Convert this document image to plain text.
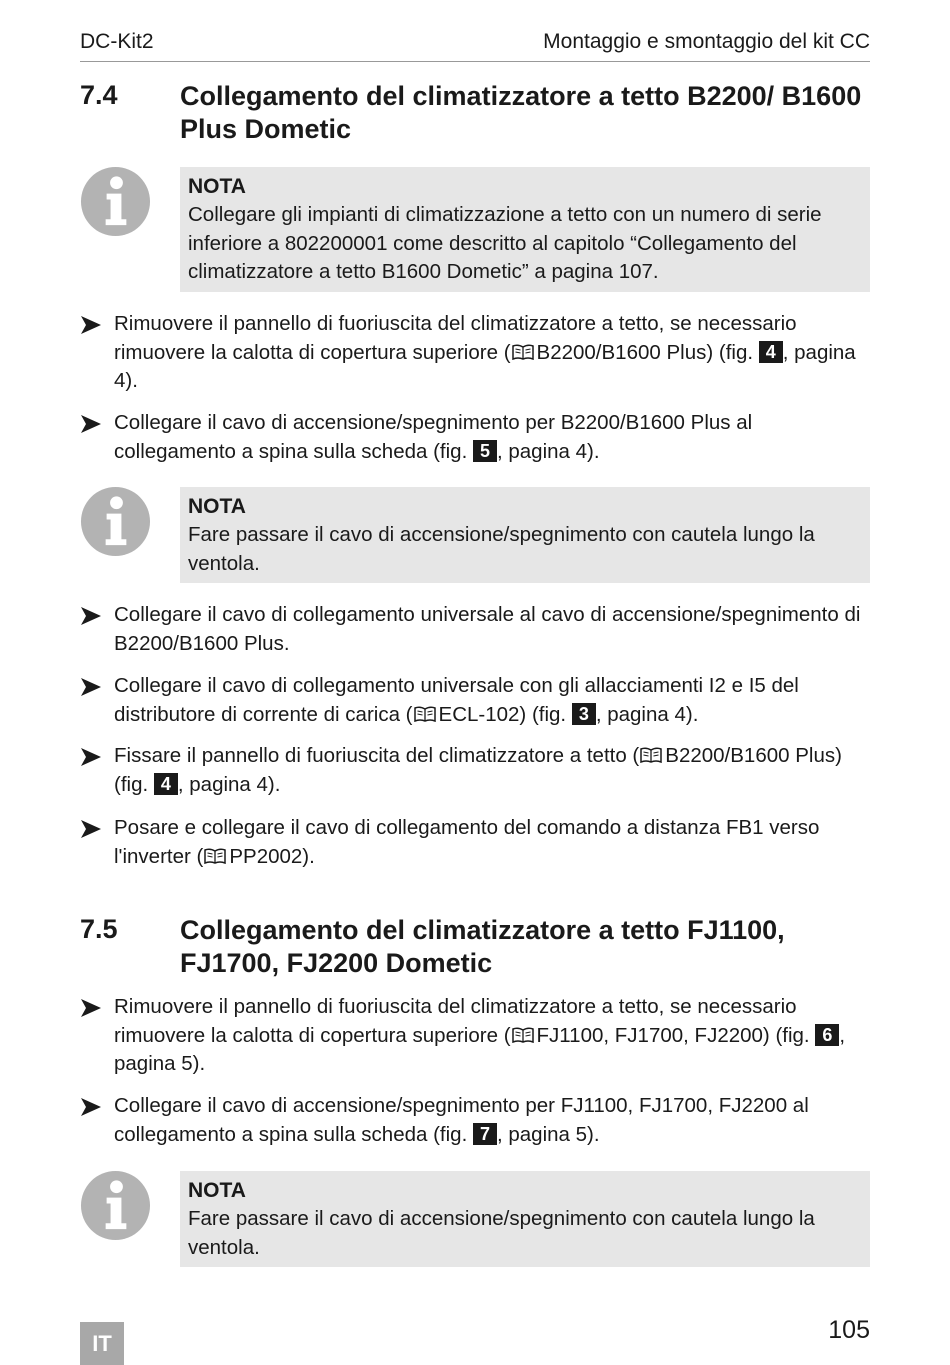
DC-Kit2	Montaggio e smontaggio del kit CC
7.4 Collegamento del climatizzatore a tetto B2200/ B1600 Plus Dometic
NOTA
Collegare gli impianti di climatizzazione a tetto con un numero di serie inferiore a 802200001 come descritto al capitolo “Collegamento del climatizzatore a tetto B1600 Dometic” a pagina 107.
Rimuovere il pannello di fuoriuscita del climatizzatore a tetto, se necessario rimuovere la calotta di copertura superiore ( B2200/B1600 Plus) (fig. 4 , pagina 4).
Collegare il cavo di accensione/spegnimento per B2200/B1600 Plus al collegamento a spina sulla scheda (fig. 5 , pagina 4).
NOTA
Fare passare il cavo di accensione/spegnimento con cautela lungo la ventola.
Collegare il cavo di collegamento universale al cavo di accensione/spegnimento di B2200/B1600 Plus.
Collegare il cavo di collegamento universale con gli allacciamenti I2 e I5 del distributore di corrente di carica ( ECL-102) (fig. 3 , pagina 4).
Fissare il pannello di fuoriuscita del climatizzatore a tetto ( B2200/B1600 Plus) (fig. 4 , pagina 4).
Posare e collegare il cavo di collegamento del comando a distanza FB1 verso l'inverter ( PP2002).
7.5 Collegamento del climatizzatore a tetto FJ1100, FJ1700, FJ2200 Dometic
Rimuovere il pannello di fuoriuscita del climatizzatore a tetto, se necessario rimuovere la calotta di copertura superiore ( FJ1100, FJ1700, FJ2200) (fig. 6 , pagina 5).
Collegare il cavo di accensione/spegnimento per FJ1100, FJ1700, FJ2200 al collegamento a spina sulla scheda (fig. 7 , pagina 5).
NOTA
Fare passare il cavo di accensione/spegnimento con cautela lungo la ventola.
IT	105
